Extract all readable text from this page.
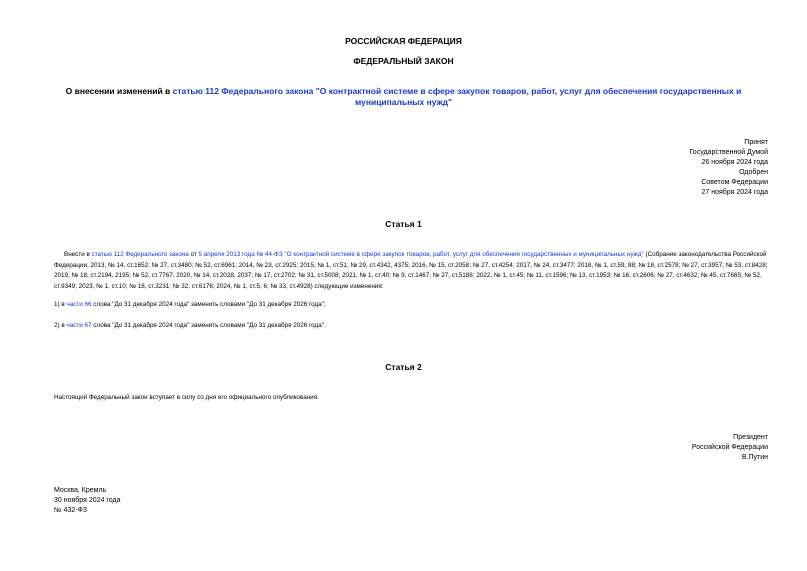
РОССИЙСКАЯ ФЕДЕРАЦИЯ
ФЕДЕРАЛЬНЫЙ ЗАКОН
О внесении изменений в статью 112 Федерального закона "О контрактной системе в сфере закупок товаров, работ, услуг для обеспечения государственных и муниципальных нужд"
Принят
Государственной Думой
26 ноября 2024 года
Одобрен
Советом Федерации
27 ноября 2024 года
Статья 1
Внести в статью 112 Федерального закона от 5 апреля 2013 года № 44-ФЗ "О контрактной системе в сфере закупок товаров, работ, услуг для обеспечения государственных и муниципальных нужд" (Собрание законодательства Российской Федерации, 2013, № 14, ст.1652; № 27, ст.3480; № 52, ст.6961; 2014, № 23, ст.2925; 2015, № 1, ст.51; № 29, ст.4342, 4375; 2016, № 15, ст.2058; № 27, ст.4254; 2017, № 24, ст.3477; 2018, № 1, ст.59, 88; № 18, ст.2578; № 27, ст.3957; № 53, ст.8428; 2019, № 18, ст.2194, 2195; № 52, ст.7767; 2020, № 14, ст.2028, 2037; № 17, ст.2702; № 31, ст.5008; 2021, № 1, ст.40; № 9, ст.1467; № 27, ст.5188; 2022, № 1, ст.45; № 11, ст.1596; № 13, ст.1953; № 16, ст.2606; № 27, ст.4632; № 45, ст.7665; № 52, ст.9349; 2023, № 1, ст.10; № 18, ст.3231; № 32, ст.6176; 2024, № 1, ст.5, 6; № 33, ст.4928) следующие изменения:
1) в части 66 слова "До 31 декабря 2024 года" заменить словами "До 31 декабря 2026 года";
2) в части 67 слова "До 31 декабря 2024 года" заменить словами "До 31 декабря 2026 года".
Статья 2
Настоящий Федеральный закон вступает в силу со дня его официального опубликования.
Президент
Российской Федерации
В.Путин
Москва, Кремль
30 ноября 2024 года
№ 432-ФЗ
